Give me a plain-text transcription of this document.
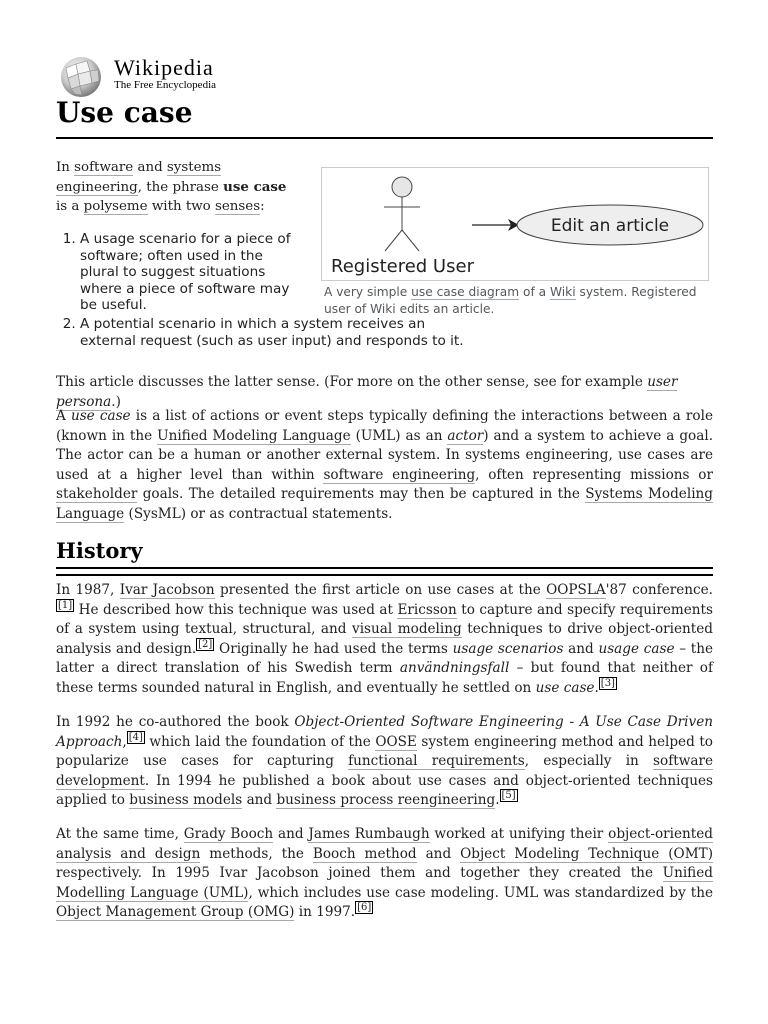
Wikipedia
The Free Encyclopedia
Use case

In software and systems engineering, the phrase use case is a polyseme with two senses:

1. A usage scenario for a piece of software; often used in the plural to suggest situations where a piece of software may be useful.
2. A potential scenario in which a system receives an external request (such as user input) and responds to it.
Registered User
Edit an article
A very simple use case diagram of a Wiki system. Registered user of Wiki edits an article.
This article discusses the latter sense. (For more on the other sense, see for example user persona.)

A use case is a list of actions or event steps typically defining the interactions between a role (known in the Unified Modeling Language (UML) as an actor) and a system to achieve a goal. The actor can be a human or another external system. In systems engineering, use cases are used at a higher level than within software engineering, often representing missions or stakeholder goals. The detailed requirements may then be captured in the Systems Modeling Language (SysML) or as contractual statements.

History

In 1987, Ivar Jacobson presented the first article on use cases at the OOPSLA'87 conference.[1] He described how this technique was used at Ericsson to capture and specify requirements of a system using textual, structural, and visual modeling techniques to drive object-oriented analysis and design. [2] Originally he had used the terms usage scenarios and usage case – the latter a direct translation of his Swedish term användningsfall – but found that neither of these terms sounded natural in English, and eventually he settled on use case. [3]

In 1992 he co-authored the book Object-Oriented Software Engineering - A Use Case Driven Approach, [4] which laid the foundation of the OOSE system engineering method and helped to popularize use cases for capturing functional requirements, especially in software development. In 1994 he published a book about use cases and object-oriented techniques applied to business models and business process reengineering. [5]

At the same time, Grady Booch and James Rumbaugh worked at unifying their object-oriented analysis and design methods, the Booch method and Object Modeling Technique (OMT) respectively. In 1995 Ivar Jacobson joined them and together they created the Unified Modelling Language (UML), which includes use case modeling. UML was standardized by the Object Management Group (OMG) in 1997. [6]
